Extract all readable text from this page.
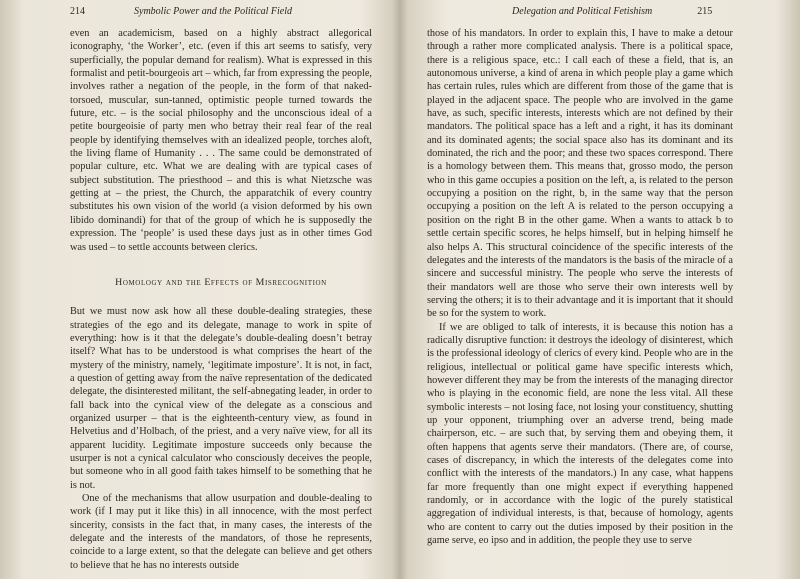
214	Symbolic Power and the Political Field

even an academicism, based on a highly abstract allegorical iconography, ‘the Worker’, etc. (even if this art seems to satisfy, very superficially, the popular demand for realism). What is expressed in this formalist and petit-bourgeois art – which, far from expressing the people, involves rather a negation of the people, in the form of that naked-torsoed, muscular, sun-tanned, optimistic people turned towards the future, etc. – is the social philosophy and the unconscious ideal of a petite bourgeoisie of party men who betray their real fear of the real people by identifying themselves with an idealized people, torches aloft, the living flame of Humanity . . . The same could be demonstrated of popular culture, etc. What we are dealing with are typical cases of subject substitution. The priesthood – and this is what Nietzsche was getting at – the priest, the Church, the apparatchik of every country substitutes his own vision of the world (a vision deformed by his own libido dominandi) for that of the group of which he is supposedly the expression. The ‘people’ is used these days just as in other times God was used – to settle accounts between clerics.

Homology and the Effects of Misrecognition

But we must now ask how all these double-dealing strategies, these strategies of the ego and its delegate, manage to work in spite of everything: how is it that the delegate’s double-dealing doesn’t betray itself? What has to be understood is what comprises the heart of the mystery of the ministry, namely, ‘legitimate imposture’. It is not, in fact, a question of getting away from the naïve representation of the dedicated delegate, the disinterested militant, the self-abnegating leader, in order to fall back into the cynical view of the delegate as a conscious and organized usurper – that is the eighteenth-century view, as found in Helvetius and d’Holbach, of the priest, and a very naïve view, for all its apparent lucidity. Legitimate imposture succeeds only because the usurper is not a cynical calculator who consciously deceives the people, but someone who in all good faith takes himself to be something that he is not.

One of the mechanisms that allow usurpation and double-dealing to work (if I may put it like this) in all innocence, with the most perfect sincerity, consists in the fact that, in many cases, the interests of the delegate and the interests of the mandators, of those he represents, coincide to a large extent, so that the delegate can believe and get others to believe that he has no interests outside

Delegation and Political Fetishism	215

those of his mandators. In order to explain this, I have to make a detour through a rather more complicated analysis. There is a political space, there is a religious space, etc.: I call each of these a field, that is, an autonomous universe, a kind of arena in which people play a game which has certain rules, rules which are different from those of the game that is played in the adjacent space. The people who are involved in the game have, as such, specific interests, interests which are not defined by their mandators. The political space has a left and a right, it has its dominant and its dominated agents; the social space also has its dominant and its dominated, the rich and the poor; and these two spaces correspond. There is a homology between them. This means that, grosso modo, the person who in this game occupies a position on the left, a, is related to the person occupying a position on the right, b, in the same way that the person occupying a position on the left A is related to the person occupying a position on the right B in the other game. When a wants to attack b to settle certain specific scores, he helps himself, but in helping himself he also helps A. This structural coincidence of the specific interests of the delegates and the interests of the mandators is the basis of the miracle of a sincere and successful ministry. The people who serve the interests of their mandators well are those who serve their own interests well by serving the others; it is to their advantage and it is important that it should be so for the system to work.

If we are obliged to talk of interests, it is because this notion has a radically disruptive function: it destroys the ideology of disinterest, which is the professional ideology of clerics of every kind. People who are in the religious, intellectual or political game have specific interests which, however different they may be from the interests of the managing director who is playing in the economic field, are none the less vital. All these symbolic interests – not losing face, not losing your constituency, shutting up your opponent, triumphing over an adverse trend, being made chairperson, etc. – are such that, by serving them and obeying them, it often happens that agents serve their mandators. (There are, of course, cases of discrepancy, in which the interests of the delegates come into conflict with the interests of the mandators.) In any case, what happens far more frequently than one might expect if everything happened randomly, or in accordance with the logic of the purely statistical aggregation of individual interests, is that, because of homology, agents who are content to carry out the duties imposed by their position in the game serve, eo ipso and in addition, the people they use to serve
